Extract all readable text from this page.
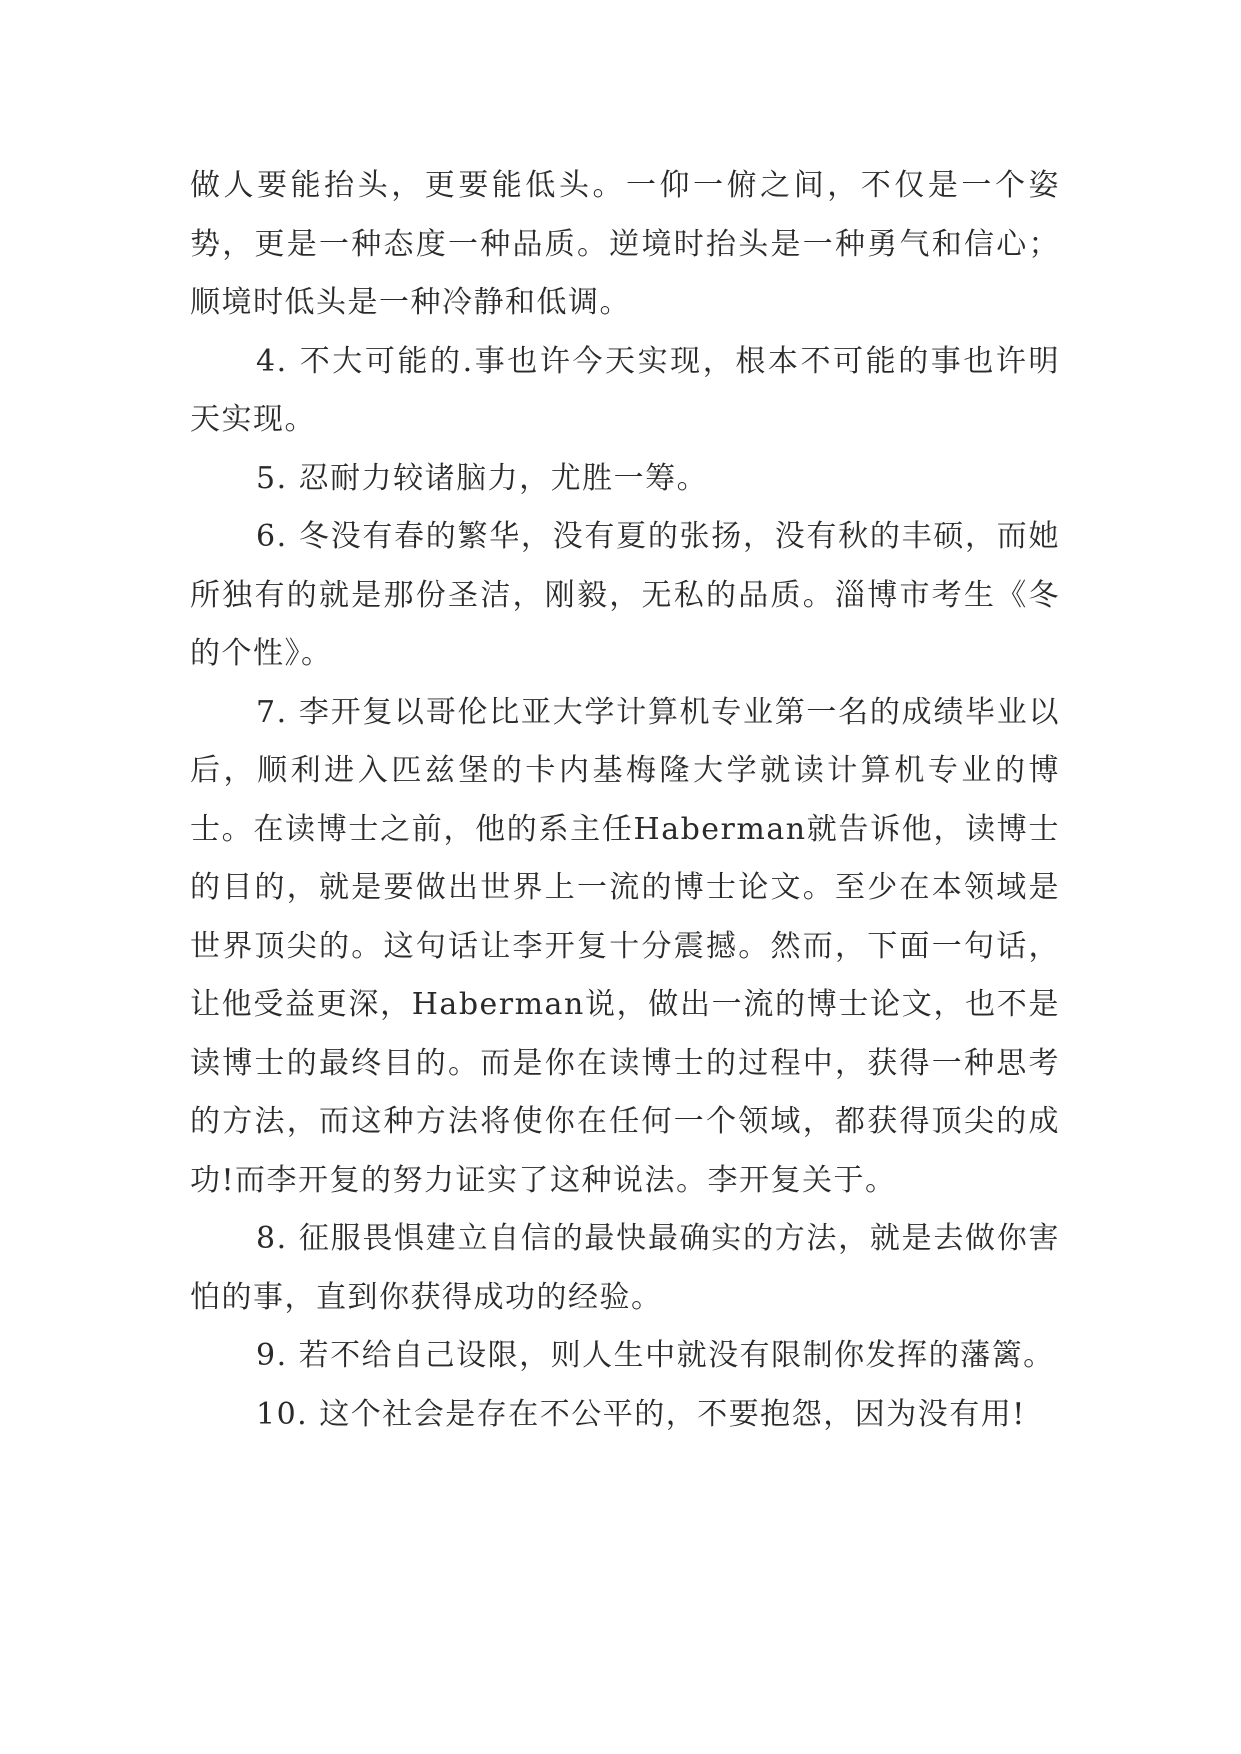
做人要能抬头，更要能低头。一仰一俯之间，不仅是一个姿势，更是一种态度一种品质。逆境时抬头是一种勇气和信心；顺境时低头是一种冷静和低调。

4. 不大可能的.事也许今天实现，根本不可能的事也许明天实现。

5. 忍耐力较诸脑力，尤胜一筹。

6. 冬没有春的繁华，没有夏的张扬，没有秋的丰硕，而她所独有的就是那份圣洁，刚毅，无私的品质。淄博市考生《冬的个性》。

7. 李开复以哥伦比亚大学计算机专业第一名的成绩毕业以后，顺利进入匹兹堡的卡内基梅隆大学就读计算机专业的博士。在读博士之前，他的系主任Haberman就告诉他，读博士的目的，就是要做出世界上一流的博士论文。至少在本领域是世界顶尖的。这句话让李开复十分震撼。然而，下面一句话，让他受益更深，Haberman说，做出一流的博士论文，也不是读博士的最终目的。而是你在读博士的过程中，获得一种思考的方法，而这种方法将使你在任何一个领域，都获得顶尖的成功!而李开复的努力证实了这种说法。李开复关于。

8. 征服畏惧建立自信的最快最确实的方法，就是去做你害怕的事，直到你获得成功的经验。

9. 若不给自己设限，则人生中就没有限制你发挥的藩篱。

10. 这个社会是存在不公平的，不要抱怨，因为没有用!
